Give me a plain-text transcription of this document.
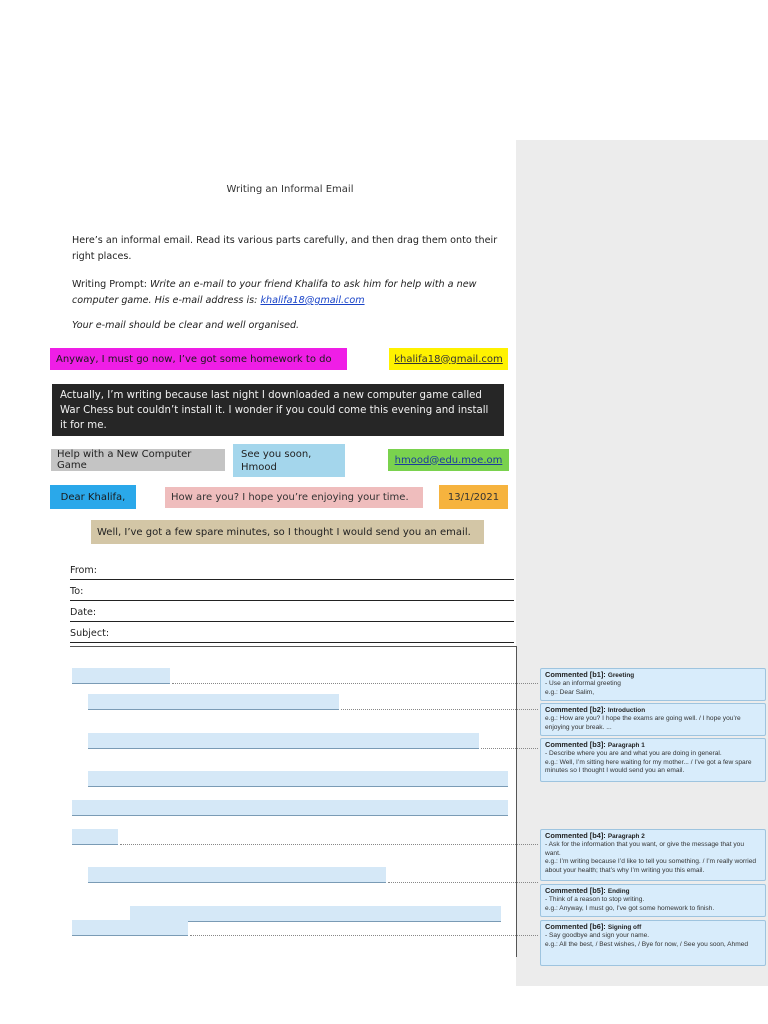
Writing an Informal Email
Here’s an informal email. Read its various parts carefully, and then drag them onto their right places.
Writing Prompt: Write an e-mail to your friend Khalifa to ask him for help with a new computer game. His e-mail address is: khalifa18@gmail.com
Your e-mail should be clear and well organised.
Anyway, I must go now, I’ve got some homework to do	khalifa18@gmail.com
Actually, I’m writing because last night I downloaded a new computer game called War Chess but couldn’t install it. I wonder if you could come this evening and install it for me.
Help with a New Computer Game
See you soon,
Hmood
hmood@edu.moe.om
Dear Khalifa,	How are you? I hope you’re enjoying your time.	13/1/2021
Well, I’ve got a few spare minutes, so I thought I would send you an email.
From:
To:
Date:
Subject:
Commented [b1]: Greeting
- Use an informal greeting
e.g.: Dear Salim,
Commented [b2]: Introduction
e.g.: How are you? I hope the exams are going well. / I hope you’re enjoying your break. ...
Commented [b3]: Paragraph 1
- Describe where you are and what you are doing in general.
e.g.: Well, I’m sitting here waiting for my mother... / I’ve got a few spare minutes so I thought I would send you an email.
Commented [b4]: Paragraph 2
- Ask for the information that you want, or give the message that you want.
e.g.: I’m writing because I’d like to tell you something. / I’m really worried about your health; that’s why I’m writing you this email.
Commented [b5]: Ending
- Think of a reason to stop writing.
e.g.: Anyway, I must go, I’ve got some homework to finish.
Commented [b6]: Signing off
- Say goodbye and sign your name.
e.g.: All the best, / Best wishes, / Bye for now, / See you soon, Ahmed
